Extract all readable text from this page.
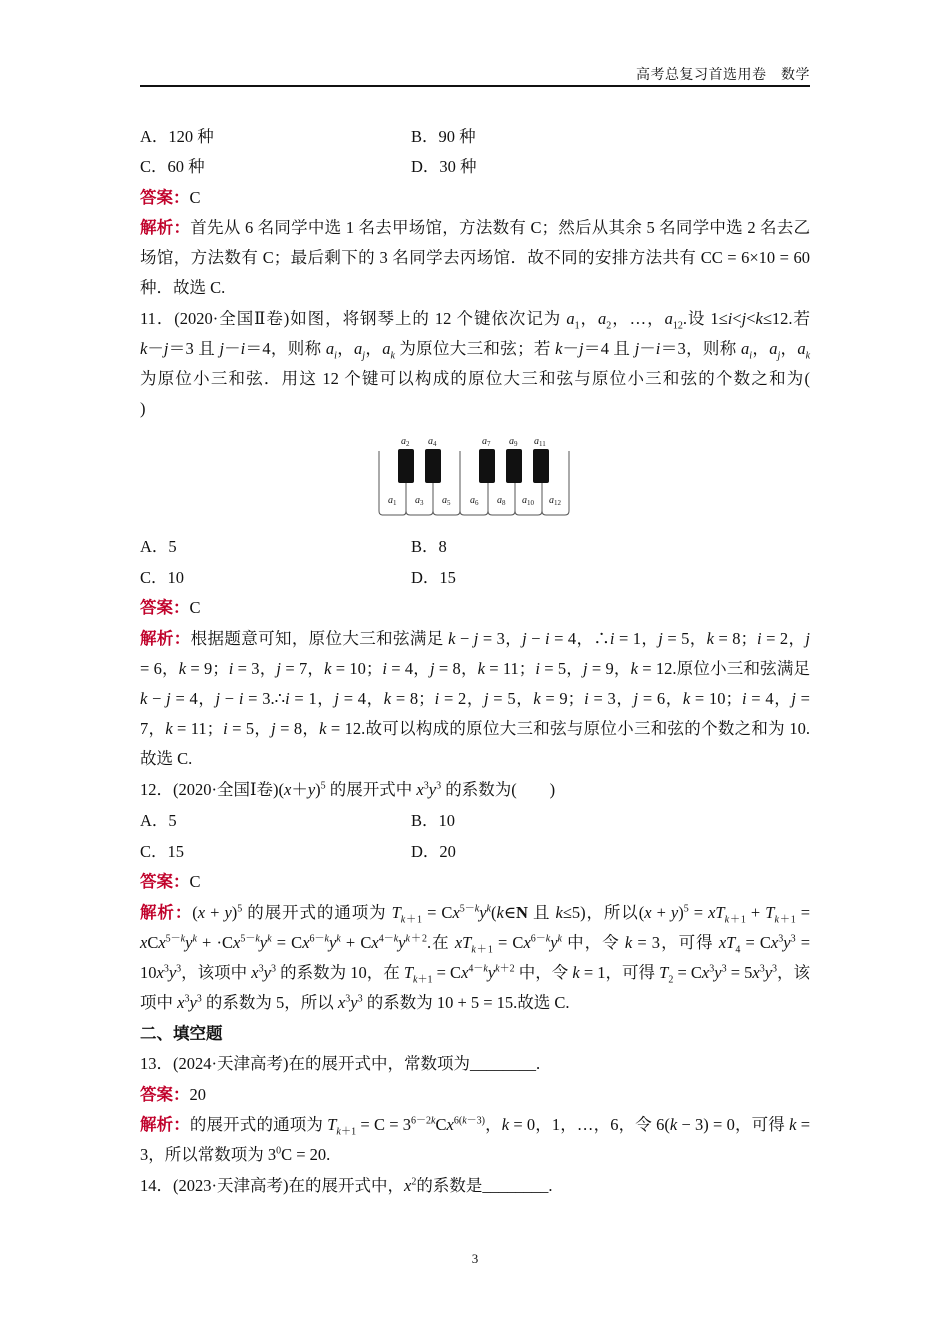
高考总复习首选用卷　数学
A．120 种	B．90 种
C．60 种	D．30 种
答案：C
解析：首先从 6 名同学中选 1 名去甲场馆，方法数有 C；然后从其余 5 名同学中选 2 名去乙
场馆，方法数有 C；最后剩下的 3 名同学去丙场馆．故不同的安排方法共有 CC = 6×10 = 60
种．故选 C.
11．(2020·全国Ⅱ卷)如图，将钢琴上的 12 个键依次记为 $a_1$，$a_2$，…，$a_{12}$.设 1≤i<j<k≤12.若
k－j＝3 且 j－i＝4，则称 $a_i$，$a_j$，$a_k$ 为原位大三和弦；若 k－j＝4 且 j－i＝3，则称 $a_i$，$a_j$，$a_k$
为原位小三和弦．用这 12 个键可以构成的原位大三和弦与原位小三和弦的个数之和为(
)
$a_2$ $a_4$	$a_7$ $a_9$ $a_{11}$
$a_1$ $a_3$ $a_5$ $a_6$ $a_8$ $a_{10}$ $a_{12}$
A．5	B．8
C．10	D．15
答案：C
解析：根据题意可知，原位大三和弦满足 k − j = 3，j − i = 4，∴i = 1，j = 5，k = 8；i = 2，j
= 6，k = 9；i = 3，j = 7，k = 10；i = 4，j = 8，k = 11；i = 5，j = 9，k = 12.原位小三和弦满足
k − j = 4，j − i = 3.∴i = 1，j = 4，k = 8；i = 2，j = 5，k = 9；i = 3，j = 6，k = 10；i = 4，j =
7，k = 11；i = 5，j = 8，k = 12.故可以构成的原位大三和弦与原位小三和弦的个数之和为 10.
故选 C.
12．(2020·全国Ⅰ卷)$(x+y)^5$ 的展开式中 $x^3y^3$ 的系数为(　　)
A．5	B．10
C．15	D．20
答案：C
解析：$(x + y)^5$ 的展开式的通项为 $T_{k+1}$ = $Cx^{5-k}y^k(k\in N$ 且 k≤5)，所以$(x + y)^5 = xT_{k+1} + T_{k+1}$ =
$xCx^{5-k}y^k + \cdot Cx^{5-k}y^k = Cx^{6-k}y^k + Cx^{4-k}y^{k+2}$.在 $xT_{k+1} = Cx^{6-k}y^k$ 中，令 k = 3，可得 $xT_4 = Cx^3y^3$ =
$10x^3y^3$，该项中 $x^3y^3$ 的系数为 10，在 $T_{k+1} = Cx^{4-k}y^{k+2}$ 中，令 k = 1，可得 $T_2 = Cx^3y^3 = 5x^3y^3$，该
项中 $x^3y^3$ 的系数为 5，所以 $x^3y^3$ 的系数为 10 + 5 = 15.故选 C.
二、填空题
13．(2024·天津高考)在的展开式中，常数项为________.
答案：20
解析：的展开式的通项为 $T_{k+1} = C = 3^{6-2k}Cx^{6(k-3)}$，k = 0，1，…，6，令 6(k − 3) = 0，可得 k =
3，所以常数项为 $3^0C = 20$.
14．(2023·天津高考)在的展开式中，$x^2$的系数是________.
3
